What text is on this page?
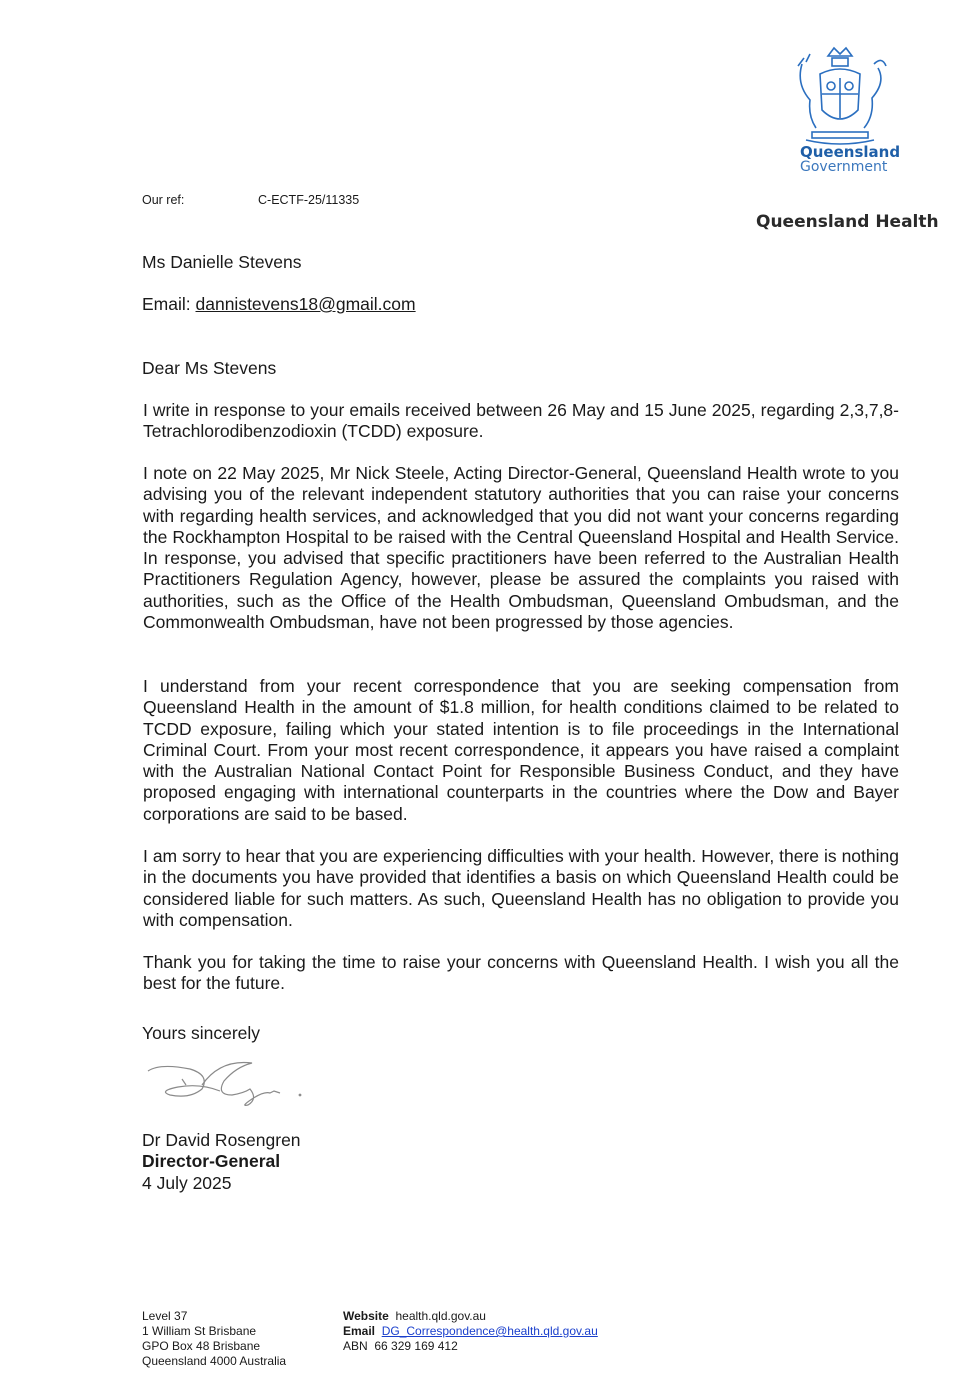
Queensland
Government
Queensland Health
Our ref:	C-ECTF-25/11335
Ms Danielle Stevens
Email: dannistevens18@gmail.com
Dear Ms Stevens
I write in response to your emails received between 26 May and 15 June 2025, regarding 2,3,7,8-Tetrachlorodibenzodioxin (TCDD) exposure.
I note on 22 May 2025, Mr Nick Steele, Acting Director-General, Queensland Health wrote to you advising you of the relevant independent statutory authorities that you can raise your concerns with regarding health services, and acknowledged that you did not want your concerns regarding the Rockhampton Hospital to be raised with the Central Queensland Hospital and Health Service. In response, you advised that specific practitioners have been referred to the Australian Health Practitioners Regulation Agency, however, please be assured the complaints you raised with authorities, such as the Office of the Health Ombudsman, Queensland Ombudsman, and the Commonwealth Ombudsman, have not been progressed by those agencies.
I understand from your recent correspondence that you are seeking compensation from Queensland Health in the amount of $1.8 million, for health conditions claimed to be related to TCDD exposure, failing which your stated intention is to file proceedings in the International Criminal Court. From your most recent correspondence, it appears you have raised a complaint with the Australian National Contact Point for Responsible Business Conduct, and they have proposed engaging with international counterparts in the countries where the Dow and Bayer corporations are said to be based.
I am sorry to hear that you are experiencing difficulties with your health. However, there is nothing in the documents you have provided that identifies a basis on which Queensland Health could be considered liable for such matters. As such, Queensland Health has no obligation to provide you with compensation.
Thank you for taking the time to raise your concerns with Queensland Health. I wish you all the best for the future.
Yours sincerely
Dr David Rosengren
Director-General
4 July 2025
Level 37
1 William St Brisbane
GPO Box 48 Brisbane
Queensland 4000 Australia
Website health.qld.gov.au
Email DG_Correspondence@health.qld.gov.au
ABN 66 329 169 412
